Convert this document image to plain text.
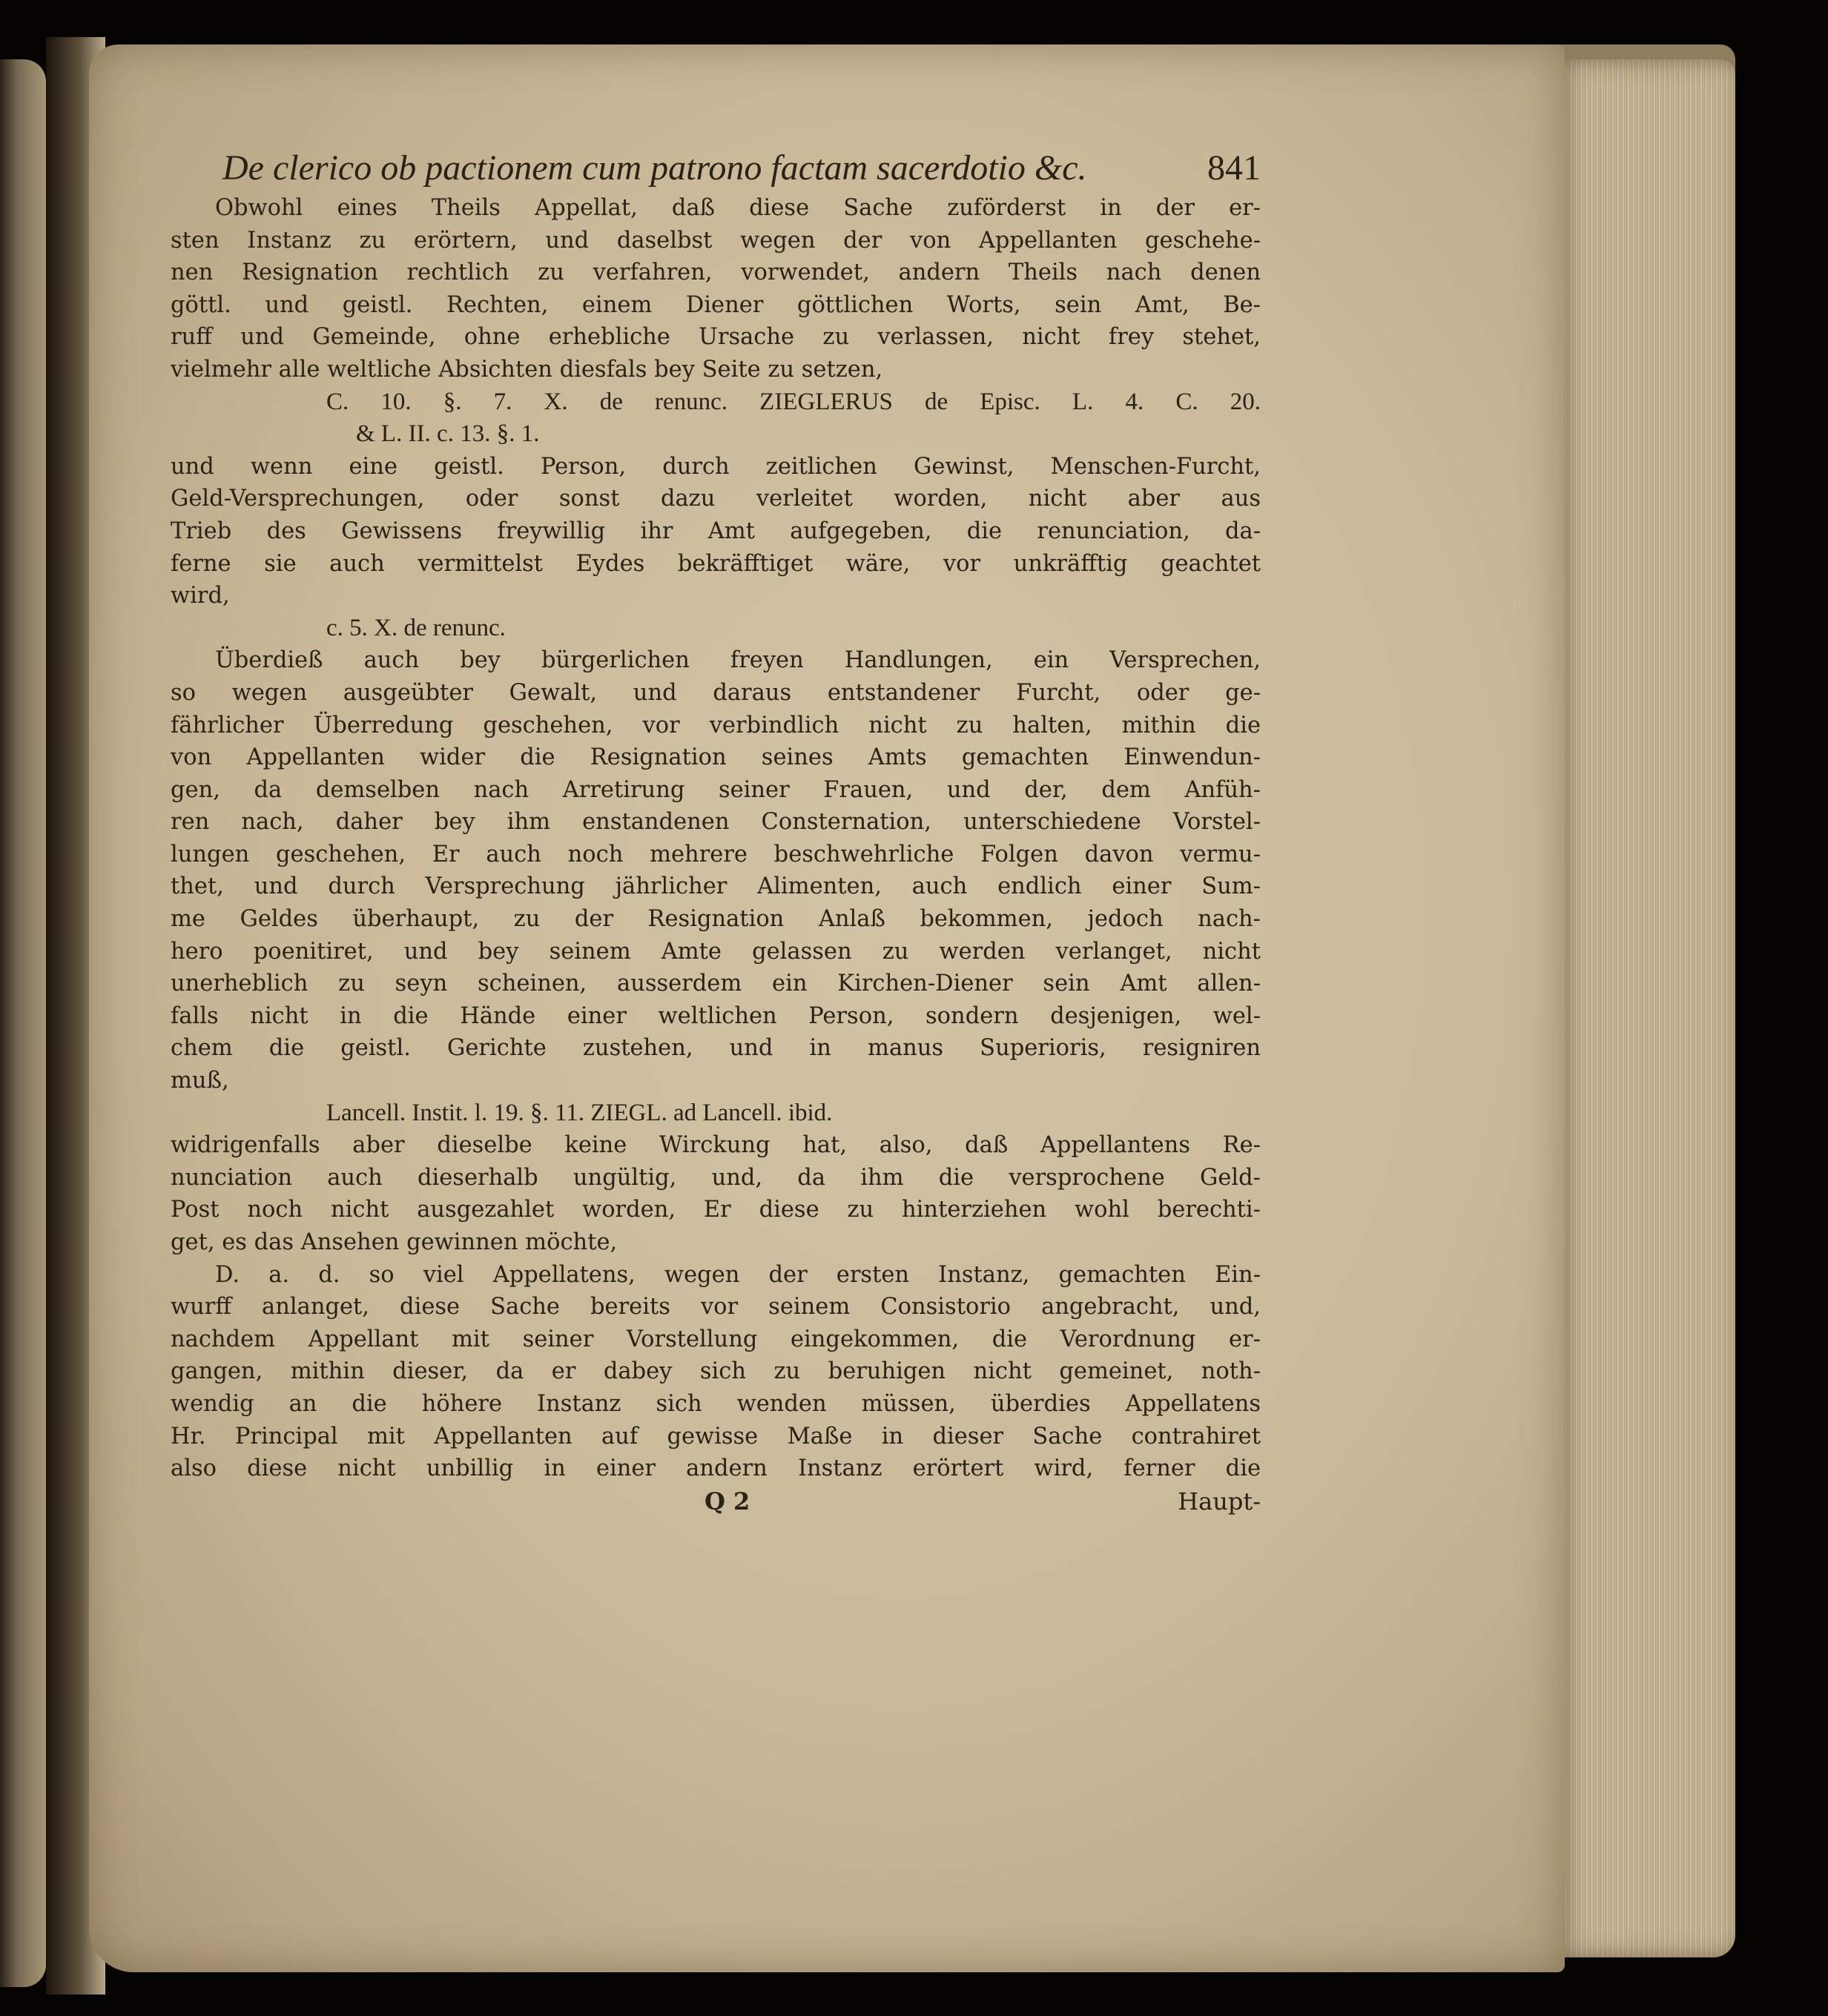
De clerico ob pactionem cum patrono factam sacerdotio &c.	841
Obwohl eines Theils Appellat, daß diese Sache zuförderst in der er-
sten Instanz zu erörtern, und daselbst wegen der von Appellanten geschehe-
nen Resignation rechtlich zu verfahren, vorwendet, andern Theils nach denen
göttl. und geistl. Rechten, einem Diener göttlichen Worts, sein Amt, Be-
ruff und Gemeinde, ohne erhebliche Ursache zu verlassen, nicht frey stehet,
vielmehr alle weltliche Absichten diesfals bey Seite zu setzen,
C. 10. §. 7. X. de renunc. ZIEGLERUS de Episc. L. 4. C. 20.
& L. II. c. 13. §. 1.
und wenn eine geistl. Person, durch zeitlichen Gewinst, Menschen-Furcht,
Geld-Versprechungen, oder sonst dazu verleitet worden, nicht aber aus
Trieb des Gewissens freywillig ihr Amt aufgegeben, die renunciation, da-
ferne sie auch vermittelst Eydes bekräfftiget wäre, vor unkräfftig geachtet
wird,
c. 5. X. de renunc.
Überdieß auch bey bürgerlichen freyen Handlungen, ein Versprechen,
so wegen ausgeübter Gewalt, und daraus entstandener Furcht, oder ge-
fährlicher Überredung geschehen, vor verbindlich nicht zu halten, mithin die
von Appellanten wider die Resignation seines Amts gemachten Einwendun-
gen, da demselben nach Arretirung seiner Frauen, und der, dem Anfüh-
ren nach, daher bey ihm enstandenen Consternation, unterschiedene Vorstel-
lungen geschehen, Er auch noch mehrere beschwehrliche Folgen davon vermu-
thet, und durch Versprechung jährlicher Alimenten, auch endlich einer Sum-
me Geldes überhaupt, zu der Resignation Anlaß bekommen, jedoch nach-
hero poenitiret, und bey seinem Amte gelassen zu werden verlanget, nicht
unerheblich zu seyn scheinen, ausserdem ein Kirchen-Diener sein Amt allen-
falls nicht in die Hände einer weltlichen Person, sondern desjenigen, wel-
chem die geistl. Gerichte zustehen, und in manus Superioris, resigniren
muß,
Lancell. Instit. l. 19. §. 11. ZIEGL. ad Lancell. ibid.
widrigenfalls aber dieselbe keine Wirckung hat, also, daß Appellantens Re-
nunciation auch dieserhalb ungültig, und, da ihm die versprochene Geld-
Post noch nicht ausgezahlet worden, Er diese zu hinterziehen wohl berechti-
get, es das Ansehen gewinnen möchte,
D. a. d. so viel Appellatens, wegen der ersten Instanz, gemachten Ein-
wurff anlanget, diese Sache bereits vor seinem Consistorio angebracht, und,
nachdem Appellant mit seiner Vorstellung eingekommen, die Verordnung er-
gangen, mithin dieser, da er dabey sich zu beruhigen nicht gemeinet, noth-
wendig an die höhere Instanz sich wenden müssen, überdies Appellatens
Hr. Principal mit Appellanten auf gewisse Maße in dieser Sache contrahiret
also diese nicht unbillig in einer andern Instanz erörtert wird, ferner die
Q 2	Haupt-
